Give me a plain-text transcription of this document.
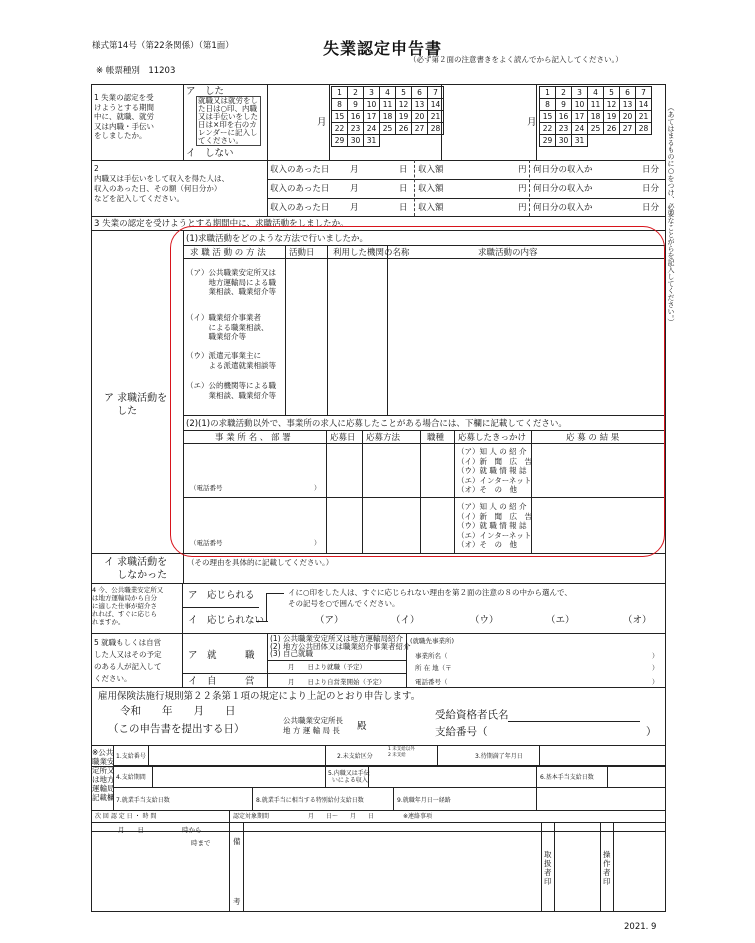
様式第14号（第22条関係）（第1面）	失業認定申告書
（必ず第２面の注意書きをよく読んでから記入してください。）
※ 帳票種別　11203
1 失業の認定を受
けようとする期間
中に、就職、就労
又は内職・手伝い
をしましたか。
ア　した
就職又は就労をし
た日は○印、内職
又は手伝いをした
日は×印を右のカ
レンダーに記入し
てください。
イ　しない
月	月
1	2	3	4	5	6	7
8	9	10	11	12	13	14
15	16	17	18	19	20	21
22	23	24	25	26	27	28
29	30	31				
1	2	3	4	5	6	7
8	9	10	11	12	13	14
15	16	17	18	19	20	21
22	23	24	25	26	27	28
29	30	31					（あてはまるものに○をつけ、必要なことがらを記入してください。）
2
内職又は手伝いをして収入を得た人は、
収入のあった日、その額（何日分か）
などを記入してください。
収入のあった日 月	日 収入額	円 何日分の収入か	日分
収入のあった日 月	日 収入額	円 何日分の収入か	日分
収入のあった日 月	日 収入額	円 何日分の収入か	日分
3 失業の認定を受けようとする期間中に、求職活動をしましたか。
ア 求職活動を
　 した
(1)求職活動をどのような方法で行いましたか。
求 職 活 動 の 方 法	活動日 利用した機関の名称	求職活動の内容
（ア）公共職業安定所又は
　　　地方運輸局による職
　　　業相談、職業紹介等
（イ）職業紹介事業者
　　　による職業相談、
　　　職業紹介等
（ウ）派遣元事業主に
　　　よる派遣就業相談等
（エ）公的機関等による職
　　　業相談、職業紹介等
(2)(1)の求職活動以外で、事業所の求人に応募したことがある場合には、下欄に記載してください。
事 業 所 名 、 部 署	応募日 応募方法	職種 応募したきっかけ	応 募 の 結 果
（電話番号	）
（電話番号	）
（ア）知 人 の 紹 介
（イ）新　聞　広　告
（ウ）就 職 情 報 誌
（エ）インターネット
（オ）そ　の　他
（ア）知 人 の 紹 介
（イ）新　聞　広　告
（ウ）就 職 情 報 誌
（エ）インターネット
（オ）そ　の　他
イ 求職活動を
　 しなかった
（その理由を具体的に記載してください。）
4 今、公共職業安定所又
は地方運輸局から自分
に適した仕事が紹介さ
れれば、すぐに応じら
れますか。
ア　応じられる
イ　応じられない
イに○印をした人は、すぐに応じられない理由を第２面の注意の８の中から選んで、
その記号を○で囲んでください。
（ア）	（イ）	（ウ）	（エ）	（オ）
5 就職もしくは自営
した人又はその予定
のある人が記入して
ください。
ア　就　　　職
イ　自　　　営
(1) 公共職業安定所又は地方運輸局紹介
(2) 地方公共団体又は職業紹介事業者紹介
(3) 自己就職
月　　日より就職（予定）
月　　日より自営業開始（予定）
(就職先事業所)
事業所名（
所 在 地（〒
電話番号（
）
）
）
雇用保険法施行規則第２２条第１項の規定により上記のとおり申告します。
令和　　年　　月　　日
（この申告書を提出する日）
公共職業安定所長
地 方 運 輸 局 長	殿
受給資格者氏名
支給番号（	）
※公共
職業安
定所又
は地方
運輸局
記載欄
1.支給番号	2.未支給区分
1 未支給以外
2 未支給	3.待期満了年月日
4.支給期間
5.内職又は手伝
いによる収入	6.基本手当支給日数
7.就業手当支給日数	8.就業手当に相当する特別給付支給日数	9.就職年月日一経路
次 回 認 定 日 ・ 時 間	認定対象期間	月　　日～　　月　　日	※連絡事項
月　　日	時から
時まで	備

考
取
扱
者
印
操
作
者
印
2021. 9
